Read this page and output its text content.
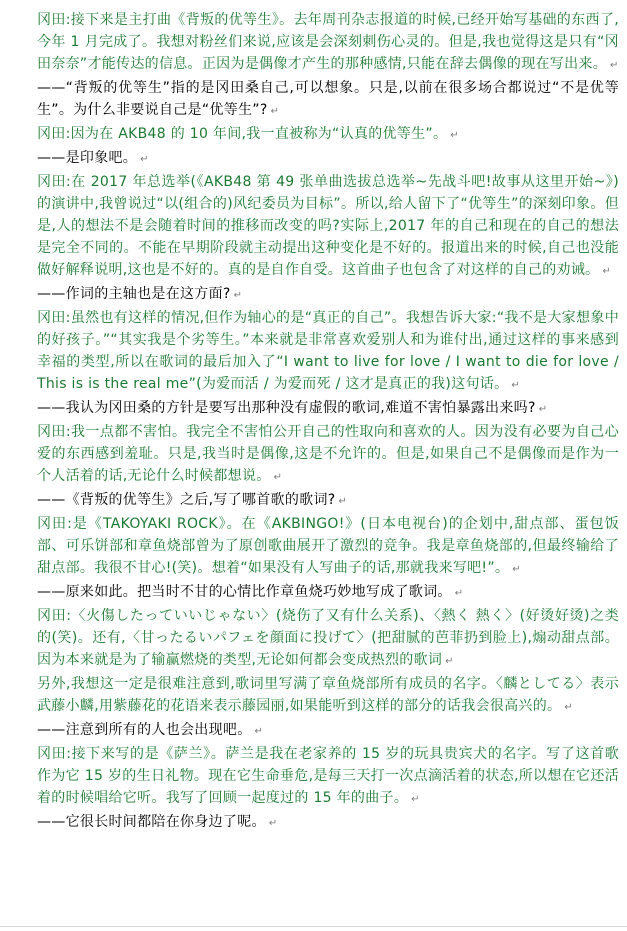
冈田:接下来是主打曲《背叛的优等生》。去年周刊杂志报道的时候,已经开始写基础的东西了,今年 1 月完成了。我想对粉丝们来说,应该是会深刻刺伤心灵的。但是,我也觉得这是只有“冈田奈奈”才能传达的信息。正因为是偶像才产生的那种感情,只能在辞去偶像的现在写出来。 ↵

——“背叛的优等生”指的是冈田桑自己,可以想象。只是,以前在很多场合都说过“不是优等生”。为什么非要说自己是“优等生”? ↵

冈田:因为在 AKB48 的 10 年间,我一直被称为“认真的优等生”。 ↵

——是印象吧。 ↵

冈田:在 2017 年总选举(《AKB48 第 49 张单曲选拔总选举~先战斗吧!故事从这里开始~》)的演讲中,我曾说过“以(组合的)风纪委员为目标”。所以,给人留下了“优等生”的深刻印象。但是,人的想法不是会随着时间的推移而改变的吗?实际上,2017 年的自己和现在的自己的想法是完全不同的。不能在早期阶段就主动提出这种变化是不好的。报道出来的时候,自己也没能做好解释说明,这也是不好的。真的是自作自受。这首曲子也包含了对这样的自己的劝诫。 ↵

——作词的主轴也是在这方面? ↵

冈田:虽然也有这样的情况,但作为轴心的是“真正的自己”。我想告诉大家:“我不是大家想象中的好孩子。”“其实我是个劣等生。”本来就是非常喜欢爱别人和为谁付出,通过这样的事来感到幸福的类型,所以在歌词的最后加入了“I want to live for love / I want to die for love / This is is the real me”(为爱而活 / 为爱而死 / 这才是真正的我)这句话。 ↵

——我认为冈田桑的方针是要写出那种没有虚假的歌词,难道不害怕暴露出来吗? ↵

冈田:我一点都不害怕。我完全不害怕公开自己的性取向和喜欢的人。因为没有必要为自己心爱的东西感到羞耻。只是,我当时是偶像,这是不允许的。但是,如果自己不是偶像而是作为一个人活着的话,无论什么时候都想说。 ↵

——《背叛的优等生》之后,写了哪首歌的歌词? ↵

冈田:是《TAKOYAKI ROCK》。在《AKBINGO!》(日本电视台)的企划中,甜点部、蛋包饭部、可乐饼部和章鱼烧部曾为了原创歌曲展开了激烈的竞争。我是章鱼烧部的,但最终输给了甜点部。我很不甘心!(笑)。想着“如果没有人写曲子的话,那就我来写吧!”。 ↵

——原来如此。把当时不甘的心情比作章鱼烧巧妙地写成了歌词。 ↵

冈田:〈火傷したっていいじゃない〉(烧伤了又有什么关系)、〈熱く 熱く〉(好烫好烫)之类的(笑)。还有,〈甘ったるいパフェを顔面に投げて〉(把甜腻的芭菲扔到脸上),煽动甜点部。因为本来就是为了输赢燃烧的类型,无论如何都会变成热烈的歌词 ↵

另外,我想这一定是很难注意到,歌词里写满了章鱼烧部所有成员的名字。〈麟としてる〉表示武藤小麟,用紫藤花的花语来表示藤园丽,如果能听到这样的部分的话我会很高兴的。 ↵

——注意到所有的人也会出现吧。 ↵

冈田:接下来写的是《萨兰》。萨兰是我在老家养的 15 岁的玩具贵宾犬的名字。写了这首歌作为它 15 岁的生日礼物。现在它生命垂危,是每三天打一次点滴活着的状态,所以想在它还活着的时候唱给它听。我写了回顾一起度过的 15 年的曲子。 ↵

——它很长时间都陪在你身边了呢。 ↵
